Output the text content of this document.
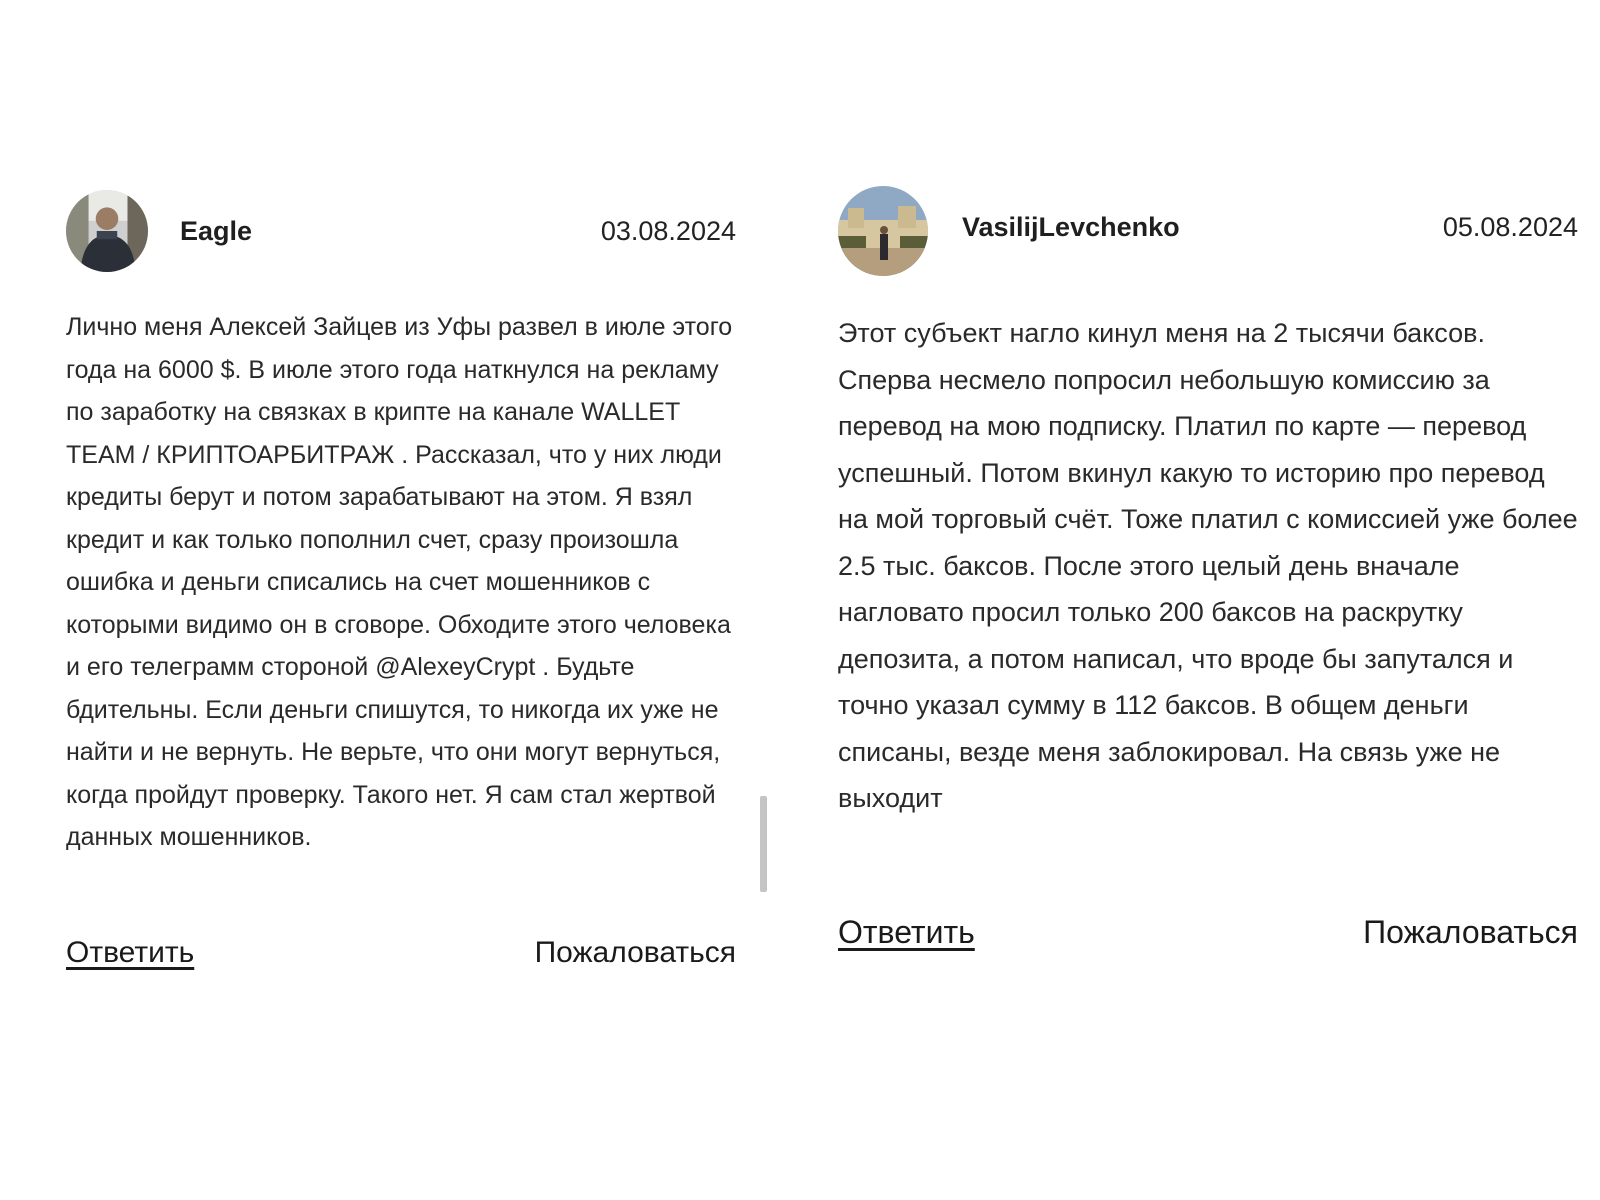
Eagle	03.08.2024
Лично меня Алексей Зайцев из Уфы развел в июле этого года на 6000 $. В июле этого года наткнулся на рекламу по заработку на связках в крипте на канале WALLET TEAM / КРИПТОАРБИТРАЖ . Рассказал, что у них люди кредиты берут и потом зарабатывают на этом. Я взял кредит и как только пополнил счет, сразу произошла ошибка и деньги списались на счет мошенников с которыми видимо он в сговоре. Обходите этого человека и его телеграмм стороной @AlexeyCrypt . Будьте бдительны. Если деньги спишутся, то никогда их уже не найти и не вернуть. Не верьте, что они могут вернуться, когда пройдут проверку. Такого нет. Я сам стал жертвой данных мошенников.
Ответить	Пожаловаться
VasilijLevchenko	05.08.2024
Этот субъект нагло кинул меня на 2 тысячи баксов. Сперва несмело попросил небольшую комиссию за перевод на мою подписку. Платил по карте — перевод успешный. Потом вкинул какую то историю про перевод на мой торговый счёт. Тоже платил с комиссией уже более 2.5 тыс. баксов. После этого целый день вначале нагловато просил только 200 баксов на раскрутку депозита, а потом написал, что вроде бы запутался и точно указал сумму в 112 баксов. В общем деньги списаны, везде меня заблокировал. На связь уже не выходит
Ответить	Пожаловаться
